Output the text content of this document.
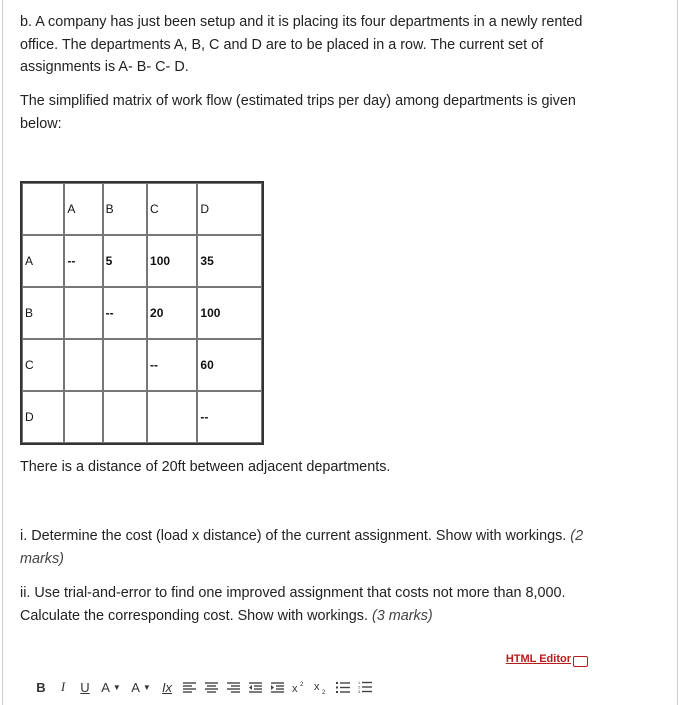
b. A company has just been setup and it is placing its four departments in a newly rented office. The departments A, B, C and D are to be placed in a row. The current set of assignments is A- B- C- D.

The simplified matrix of work flow (estimated trips per day) among departments is given below:

	A	B	C	D
A	--	5	100	35
B		--	20	100
C			--	60
D				--

There is a distance of 20ft between adjacent departments.

i. Determine the cost (load x distance) of the current assignment. Show with workings. (2 marks)

ii. Use trial-and-error to find one improved assignment that costs not more than 8,000. Calculate the corresponding cost. Show with workings. (3 marks)

HTML Editor
B I U A ▼ A ▼ Ix	x 2 x 2
1
2
3
